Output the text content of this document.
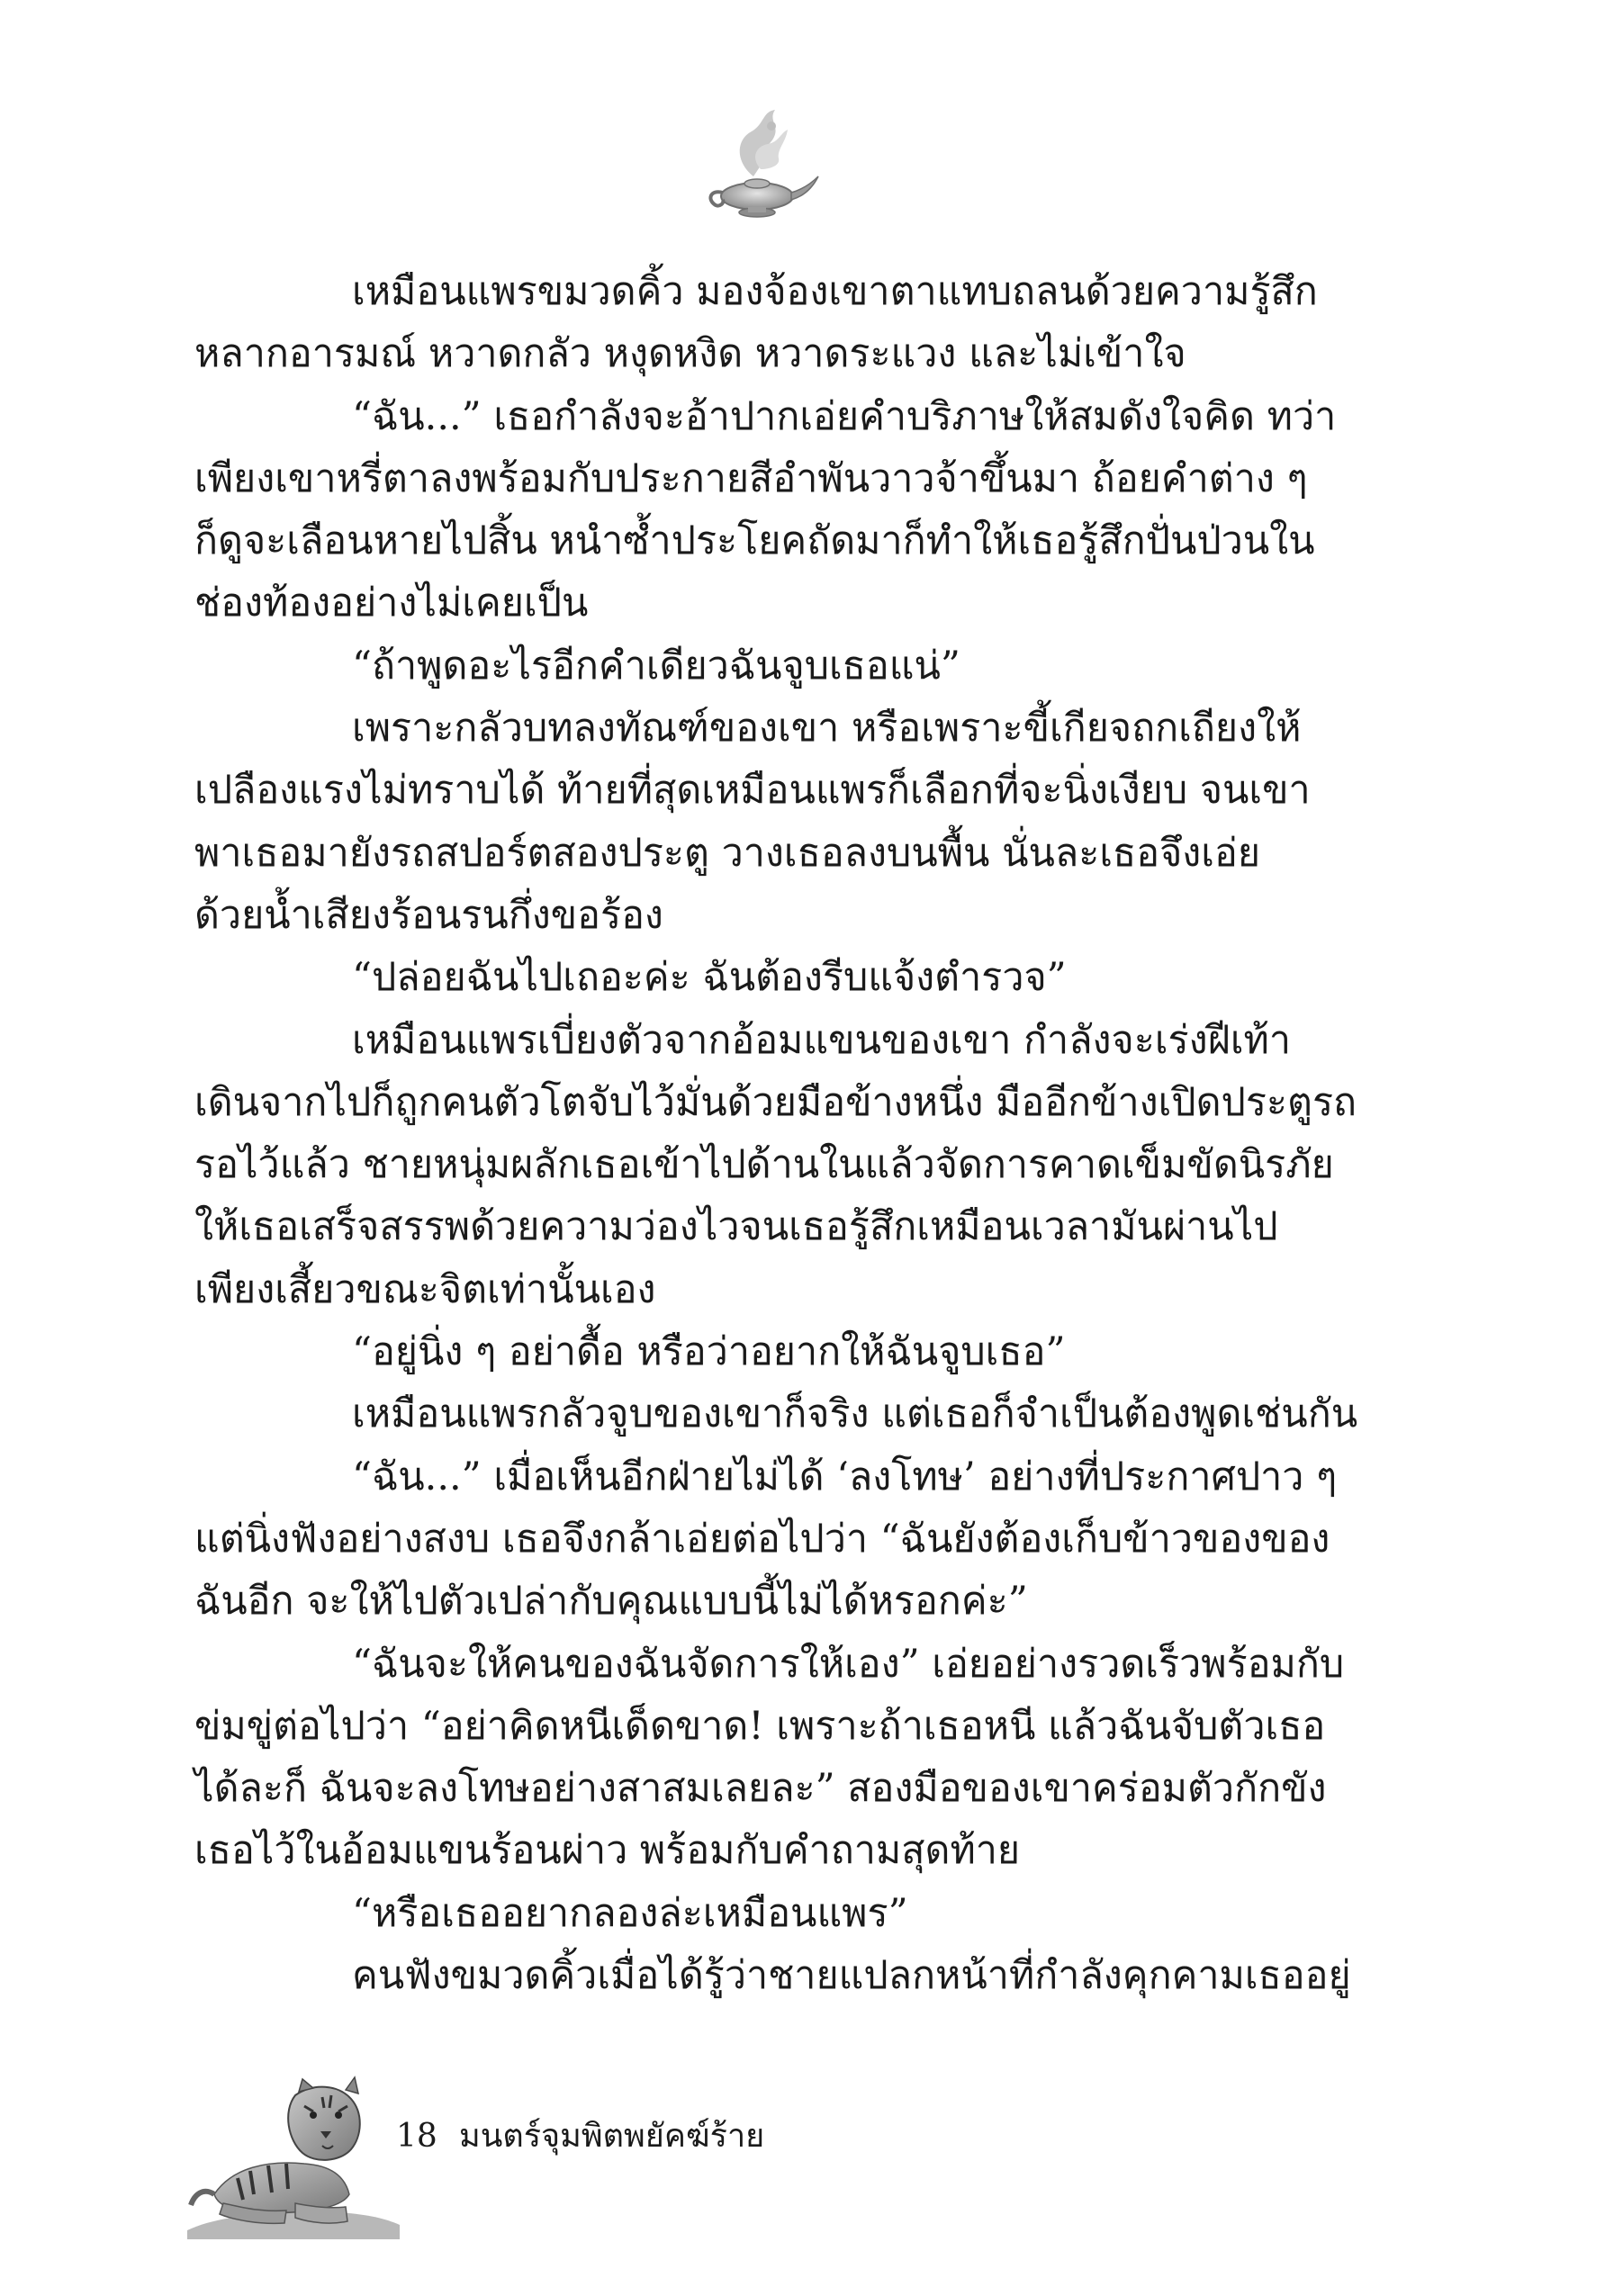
เหมือนแพรขมวดคิ้ว มองจ้องเขาตาแทบถลนด้วยความรู้สึก
หลากอารมณ์ หวาดกลัว หงุดหงิด หวาดระแวง และไม่เข้าใจ
“ฉัน...” เธอกำลังจะอ้าปากเอ่ยคำบริภาษให้สมดังใจคิด ทว่า
เพียงเขาหรี่ตาลงพร้อมกับประกายสีอำพันวาวจ้าขึ้นมา ถ้อยคำต่าง ๆ
ก็ดูจะเลือนหายไปสิ้น หนำซ้ำประโยคถัดมาก็ทำให้เธอรู้สึกปั่นป่วนใน
ช่องท้องอย่างไม่เคยเป็น
“ถ้าพูดอะไรอีกคำเดียวฉันจูบเธอแน่”
เพราะกลัวบทลงทัณฑ์ของเขา หรือเพราะขี้เกียจถกเถียงให้
เปลืองแรงไม่ทราบได้ ท้ายที่สุดเหมือนแพรก็เลือกที่จะนิ่งเงียบ จนเขา
พาเธอมายังรถสปอร์ตสองประตู วางเธอลงบนพื้น นั่นละเธอจึงเอ่ย
ด้วยน้ำเสียงร้อนรนกึ่งขอร้อง
“ปล่อยฉันไปเถอะค่ะ ฉันต้องรีบแจ้งตำรวจ”
เหมือนแพรเบี่ยงตัวจากอ้อมแขนของเขา กำลังจะเร่งฝีเท้า
เดินจากไปก็ถูกคนตัวโตจับไว้มั่นด้วยมือข้างหนึ่ง มืออีกข้างเปิดประตูรถ
รอไว้แล้ว ชายหนุ่มผลักเธอเข้าไปด้านในแล้วจัดการคาดเข็มขัดนิรภัย
ให้เธอเสร็จสรรพด้วยความว่องไวจนเธอรู้สึกเหมือนเวลามันผ่านไป
เพียงเสี้ยวขณะจิตเท่านั้นเอง
“อยู่นิ่ง ๆ อย่าดื้อ หรือว่าอยากให้ฉันจูบเธอ”
เหมือนแพรกลัวจูบของเขาก็จริง แต่เธอก็จำเป็นต้องพูดเช่นกัน
“ฉัน...” เมื่อเห็นอีกฝ่ายไม่ได้ ‘ลงโทษ’ อย่างที่ประกาศปาว ๆ
แต่นิ่งฟังอย่างสงบ เธอจึงกล้าเอ่ยต่อไปว่า “ฉันยังต้องเก็บข้าวของของ
ฉันอีก จะให้ไปตัวเปล่ากับคุณแบบนี้ไม่ได้หรอกค่ะ”
“ฉันจะให้คนของฉันจัดการให้เอง” เอ่ยอย่างรวดเร็วพร้อมกับ
ข่มขู่ต่อไปว่า “อย่าคิดหนีเด็ดขาด! เพราะถ้าเธอหนี แล้วฉันจับตัวเธอ
ได้ละก็ ฉันจะลงโทษอย่างสาสมเลยละ” สองมือของเขาคร่อมตัวกักขัง
เธอไว้ในอ้อมแขนร้อนผ่าว พร้อมกับคำถามสุดท้าย
“หรือเธออยากลองล่ะเหมือนแพร”
คนฟังขมวดคิ้วเมื่อได้รู้ว่าชายแปลกหน้าที่กำลังคุกคามเธออยู่
18 มนตร์จุมพิตพยัคฆ์ร้าย
